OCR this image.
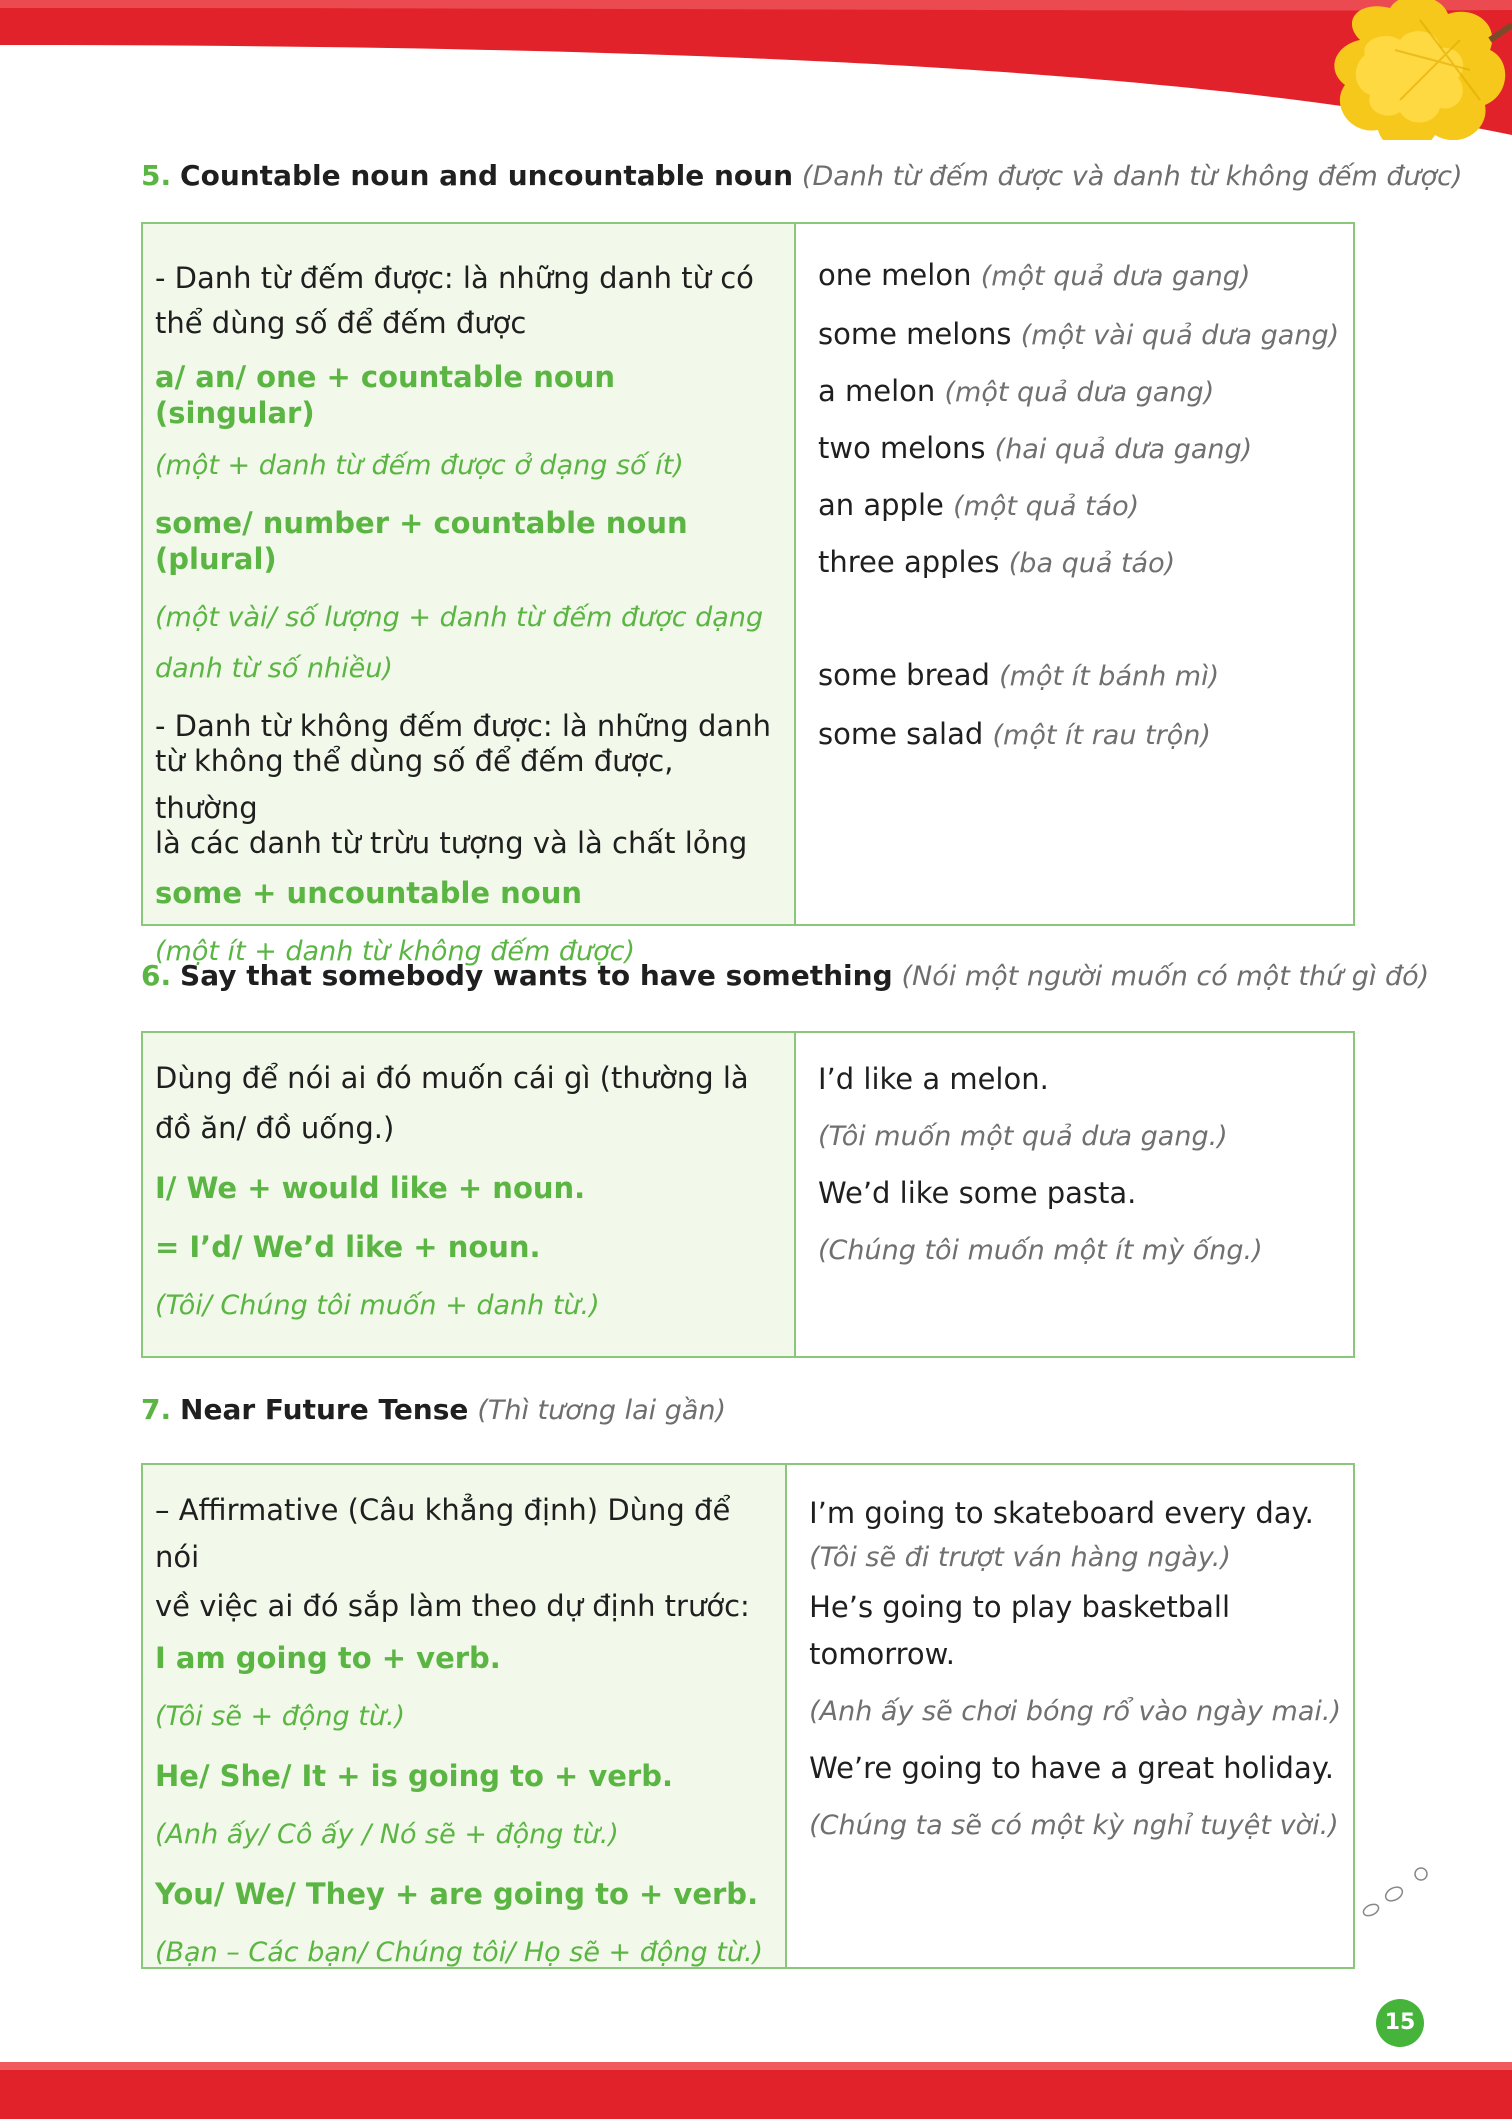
5. Countable noun and uncountable noun (Danh từ đếm được và danh từ không đếm được)
- Danh từ đếm được: là những danh từ có
thể dùng số để đếm được
a/ an/ one + countable noun (singular)
(một + danh từ đếm được ở dạng số ít)
some/ number + countable noun (plural)
(một vài/ số lượng + danh từ đếm được dạng
danh từ số nhiều)
- Danh từ không đếm được: là những danh
từ không thể dùng số để đếm được, thường
là các danh từ trừu tượng và là chất lỏng
some + uncountable noun
(một ít + danh từ không đếm được)
one melon (một quả dưa gang)
some melons (một vài quả dưa gang)
a melon (một quả dưa gang)
two melons (hai quả dưa gang)
an apple (một quả táo)
three apples (ba quả táo)
some bread (một ít bánh mì)
some salad (một ít rau trộn)
6. Say that somebody wants to have something (Nói một người muốn có một thứ gì đó)
Dùng để nói ai đó muốn cái gì (thường là
đồ ăn/ đồ uống.)
I/ We + would like + noun.
= I’d/ We’d like + noun.
(Tôi/ Chúng tôi muốn + danh từ.)
I’d like a melon.
(Tôi muốn một quả dưa gang.)
We’d like some pasta.
(Chúng tôi muốn một ít mỳ ống.)
7. Near Future Tense (Thì tương lai gần)
– Affirmative (Câu khẳng định) Dùng để nói
về việc ai đó sắp làm theo dự định trước:
I am going to + verb.
(Tôi sẽ + động từ.)
He/ She/ It + is going to + verb.
(Anh ấy/ Cô ấy / Nó sẽ + động từ.)
You/ We/ They + are going to + verb.
(Bạn – Các bạn/ Chúng tôi/ Họ sẽ + động từ.)
I’m going to skateboard every day.
(Tôi sẽ đi trượt ván hàng ngày.)
He’s going to play basketball
tomorrow.
(Anh ấy sẽ chơi bóng rổ vào ngày mai.)
We’re going to have a great holiday.
(Chúng ta sẽ có một kỳ nghỉ tuyệt vời.)
15
